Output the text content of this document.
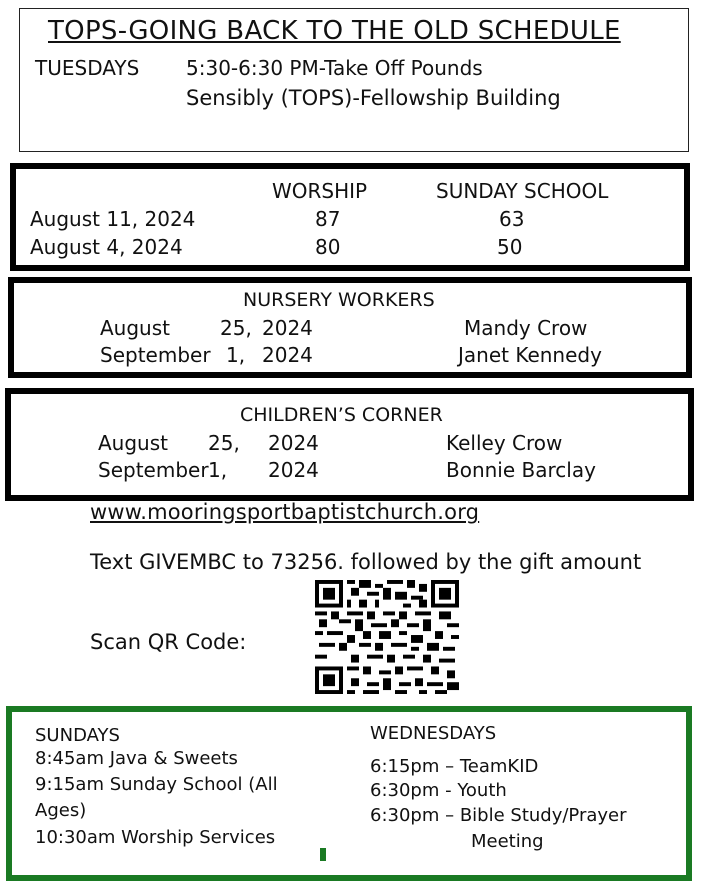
TOPS-GOING BACK TO THE OLD SCHEDULE
TUESDAYS 5:30-6:30 PM-Take Off Pounds
Sensibly (TOPS)-Fellowship Building
WORSHIP	SUNDAY SCHOOL
August 11, 2024	87	63
August 4, 2024	80	50
NURSERY WORKERS
August	25, 2024	Mandy Crow
September 1, 2024	Janet Kennedy
CHILDREN’S CORNER
August 25, 2024	Kelley Crow
September 1, 2024	Bonnie Barclay
www.mooringsportbaptistchurch.org
Text GIVEMBC to 73256. followed by the gift amount
Scan QR Code:
SUNDAYS
8:45am Java & Sweets
9:15am Sunday School (All
Ages)
10:30am Worship Services
WEDNESDAYS
6:15pm – TeamKID
6:30pm - Youth
6:30pm – Bible Study/Prayer
Meeting
